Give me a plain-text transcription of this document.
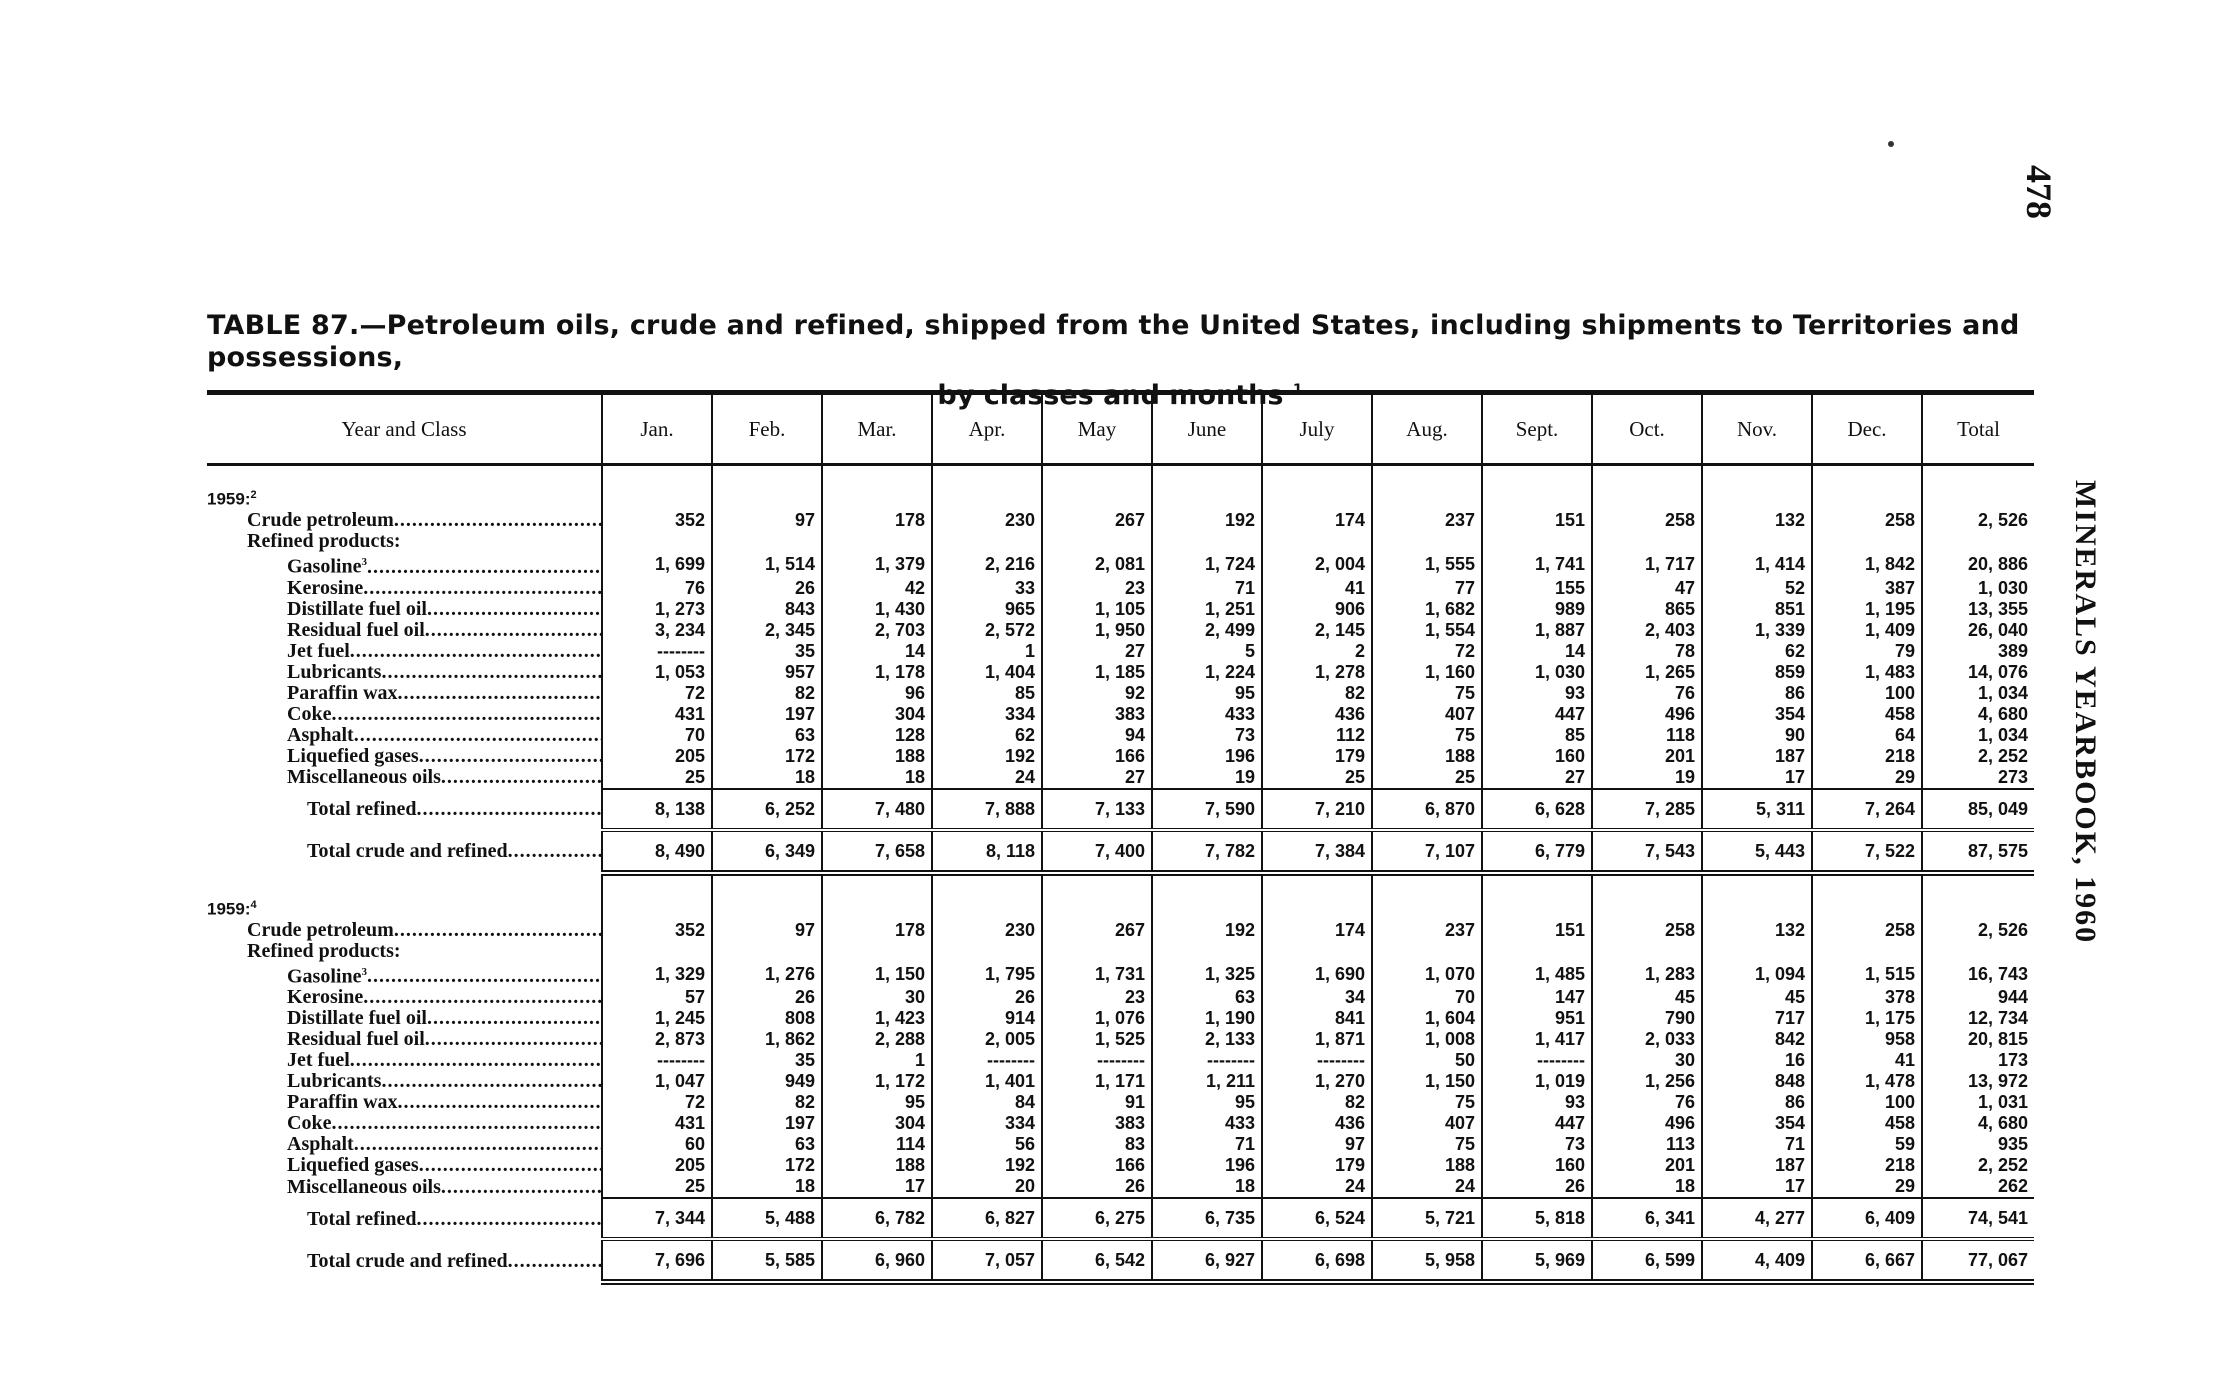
478
MINERALS YEARBOOK, 1960
TABLE 87.—Petroleum oils, crude and refined, shipped from the United States, including shipments to Territories and possessions,
by classes and months $^1$
Year and Class	Jan.	Feb.	Mar.	Apr.	May	June	July	Aug.	Sept.	Oct.	Nov.	Dec.	Total

1959:$^2$													
Crude petroleum .....	352	97	178	230	267	192	174	237	151	258	132	258	2, 526
Refined products:													
Gasoline$^3$ .....	1, 699	1, 514	1, 379	2, 216	2, 081	1, 724	2, 004	1, 555	1, 741	1, 717	1, 414	1, 842	20, 886
Kerosine .....	76	26	42	33	23	71	41	77	155	47	52	387	1, 030
Distillate fuel oil .....	1, 273	843	1, 430	965	1, 105	1, 251	906	1, 682	989	865	851	1, 195	13, 355
Residual fuel oil .....	3, 234	2, 345	2, 703	2, 572	1, 950	2, 499	2, 145	1, 554	1, 887	2, 403	1, 339	1, 409	26, 040
Jet fuel .....	--------	35	14	1	27	5	2	72	14	78	62	79	389
Lubricants .....	1, 053	957	1, 178	1, 404	1, 185	1, 224	1, 278	1, 160	1, 030	1, 265	859	1, 483	14, 076
Paraffin wax .....	72	82	96	85	92	95	82	75	93	76	86	100	1, 034
Coke .....	431	197	304	334	383	433	436	407	447	496	354	458	4, 680
Asphalt .....	70	63	128	62	94	73	112	75	85	118	90	64	1, 034
Liquefied gases .....	205	172	188	192	166	196	179	188	160	201	187	218	2, 252
Miscellaneous oils .....	25	18	18	24	27	19	25	25	27	19	17	29	273
Total refined .....	8, 138	6, 252	7, 480	7, 888	7, 133	7, 590	7, 210	6, 870	6, 628	7, 285	5, 311	7, 264	85, 049
Total crude and refined .....	8, 490	6, 349	7, 658	8, 118	7, 400	7, 782	7, 384	7, 107	6, 779	7, 543	5, 443	7, 522	87, 575

1959:$^4$													
Crude petroleum .....	352	97	178	230	267	192	174	237	151	258	132	258	2, 526
Refined products:													
Gasoline$^3$ .....	1, 329	1, 276	1, 150	1, 795	1, 731	1, 325	1, 690	1, 070	1, 485	1, 283	1, 094	1, 515	16, 743
Kerosine .....	57	26	30	26	23	63	34	70	147	45	45	378	944
Distillate fuel oil .....	1, 245	808	1, 423	914	1, 076	1, 190	841	1, 604	951	790	717	1, 175	12, 734
Residual fuel oil .....	2, 873	1, 862	2, 288	2, 005	1, 525	2, 133	1, 871	1, 008	1, 417	2, 033	842	958	20, 815
Jet fuel .....	--------	35	1	--------	--------	--------	--------	50	--------	30	16	41	173
Lubricants .....	1, 047	949	1, 172	1, 401	1, 171	1, 211	1, 270	1, 150	1, 019	1, 256	848	1, 478	13, 972
Paraffin wax .....	72	82	95	84	91	95	82	75	93	76	86	100	1, 031
Coke .....	431	197	304	334	383	433	436	407	447	496	354	458	4, 680
Asphalt .....	60	63	114	56	83	71	97	75	73	113	71	59	935
Liquefied gases .....	205	172	188	192	166	196	179	188	160	201	187	218	2, 252
Miscellaneous oils .....	25	18	17	20	26	18	24	24	26	18	17	29	262
Total refined .....	7, 344	5, 488	6, 782	6, 827	6, 275	6, 735	6, 524	5, 721	5, 818	6, 341	4, 277	6, 409	74, 541
Total crude and refined .....	7, 696	5, 585	6, 960	7, 057	6, 542	6, 927	6, 698	5, 958	5, 969	6, 599	4, 409	6, 667	77, 067
